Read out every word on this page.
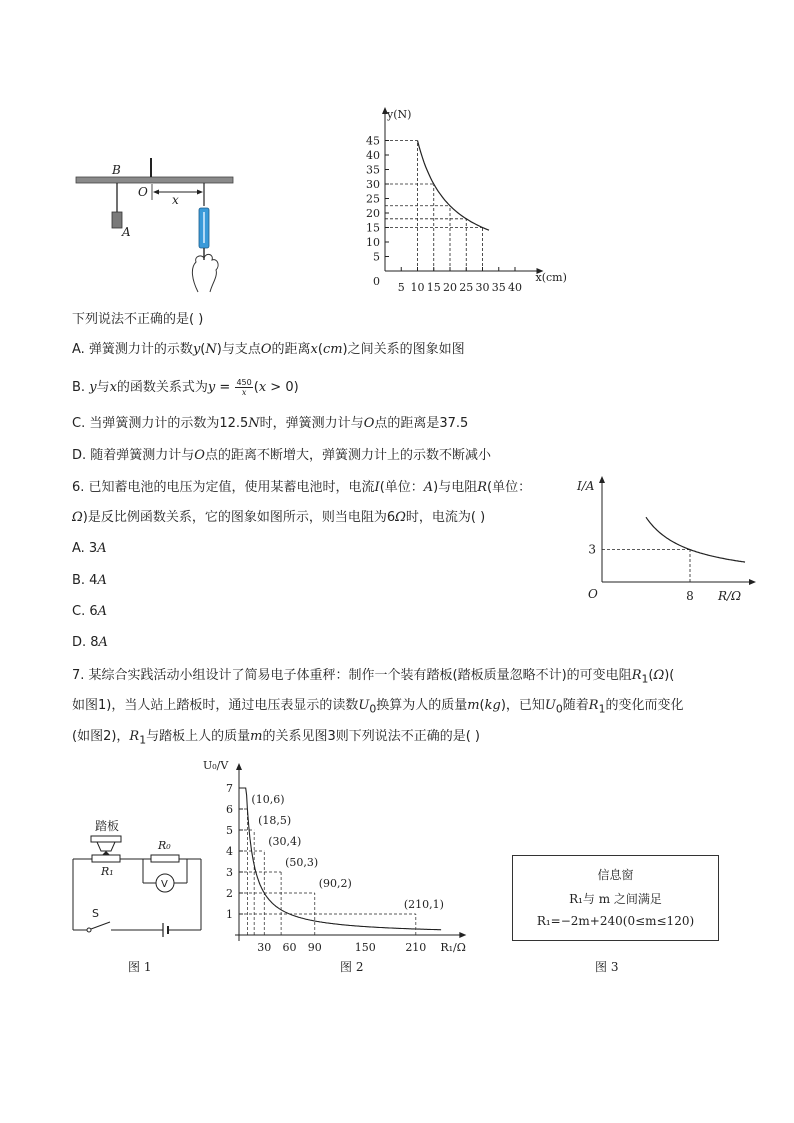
B
O
x
A
y(N)
x(cm)
0
5
10
15
20
25
30
35
40
45
5 10 15 20 25 30 35 40
下列说法不正确的是( )
A. 弹簧测力计的示数y(N)与支点O的距离x(cm)之间关系的图象如图
B. y与x的函数关系式为$y = \frac{450}{x} (x > 0)$
C. 当弹簧测力计的示数为12.5N时，弹簧测力计与O点的距离是37.5
D. 随着弹簧测力计与O点的距离不断增大，弹簧测力计上的示数不断减小
6. 已知蓄电池的电压为定值，使用某蓄电池时，电流I(单位：A)与电阻R(单位：
Ω)是反比例函数关系，它的图象如图所示，则当电阻为6Ω时，电流为( )
A. 3A
B. 4A
C. 6A
D. 8A
I/A
R/Ω
O
3
8
7. 某综合实践活动小组设计了简易电子体重秤：制作一个装有踏板(踏板质量忽略不计)的可变电阻$R_1(\Omega)$(
如图1)，当人站上踏板时，通过电压表显示的读数$U_0$换算为人的质量m(kg)，已知$U_0$随着$R_1$的变化而变化
(如图2)，$R_1$与踏板上人的质量m的关系见图3则下列说法不正确的是( )
踏板
R₁
R₀
V
S
图 1
U₀/V
R₁/Ω
1
2
3
4
5
6
7
30 60 90	150	210
(10,6)
(18,5)
(30,4)
(50,3)
(90,2)
(210,1)
图 2
信息窗
R₁与 m 之间满足
R₁=−2m+240(0≤m≤120)
图 3
